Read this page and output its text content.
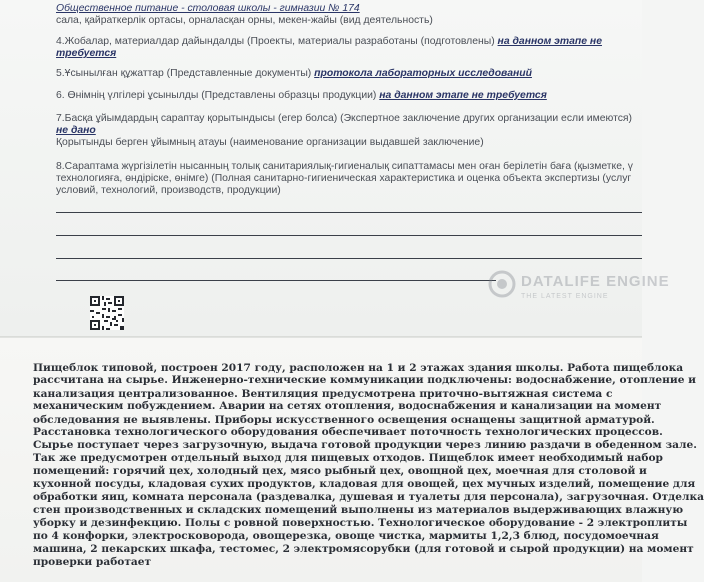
Общественное питание - столовая школы - гимназии № 174
сала, қайраткерлік ортасы, орналасқан орны, мекен-жайы (вид деятельность)
4.Жобалар, материалдар дайындалды (Проекты, материалы разработаны (подготовлены) на данном этапе не
требуется
5.Ұсынылған құжаттар (Представленные документы) протокола лабораторных исследований
6. Өнімнің үлгілері ұсынылды (Представлены образцы продукции) на данном этапе не требуется
7.Басқа ұйымдардың сараптау қорытындысы (егер болса) (Экспертное заключение других организации если имеются)
не дано
Қорытынды берген ұйымның атауы (наименование организации выдавшей заключение)
8.Сараптама жүргізілетін нысанның толық санитариялық-гигиеналық сипаттамасы мен оған берілетін баға (қызметке, ү
технологияға, өндіріске, өнімге) (Полная санитарно-гигиеническая характеристика и оценка объекта экспертизы (услуг
условий, технологий, производств, продукции)
DATALIFE ENGINE
THE LATEST ENGINE
Пищеблок типовой, построен 2017 году, расположен на 1 и 2 этажах здания школы. Работа пищеблока
рассчитана на сырье. Инженерно-технические коммуникации подключены: водоснабжение, отопление и
канализация централизованное. Вентиляция предусмотрена приточно-вытяжная система с
механическим побуждением. Аварии на сетях отопления, водоснабжения и канализации на момент
обследования не выявлены. Приборы искусственного освещения оснащены защитной арматурой.
Расстановка технологического оборудования обеспечивает поточность технологических процессов.
Сырье поступает через загрузочную, выдача готовой продукции через линию раздачи в обеденном зале.
Так же предусмотрен отдельный выход для пищевых отходов. Пищеблок имеет необходимый набор
помещений: горячий цех, холодный цех, мясо рыбный цех, овощной цех, моечная для столовой и
кухонной посуды, кладовая сухих продуктов, кладовая для овощей, цех мучных изделий, помещение для
обработки яиц, комната персонала (раздевалка, душевая и туалеты для персонала), загрузочная. Отделка
стен производственных и складских помещений выполнены из материалов выдерживающих влажную
уборку и дезинфекцию. Полы с ровной поверхностью. Технологическое оборудование - 2 электроплиты
по 4 конфорки, электросковорода, овощерезка, овоще чистка, мармиты 1,2,3 блюд, посудомоечная
машина, 2 пекарских шкафа, тестомес, 2 электромясорубки (для готовой и сырой продукции) на момент
проверки работает
